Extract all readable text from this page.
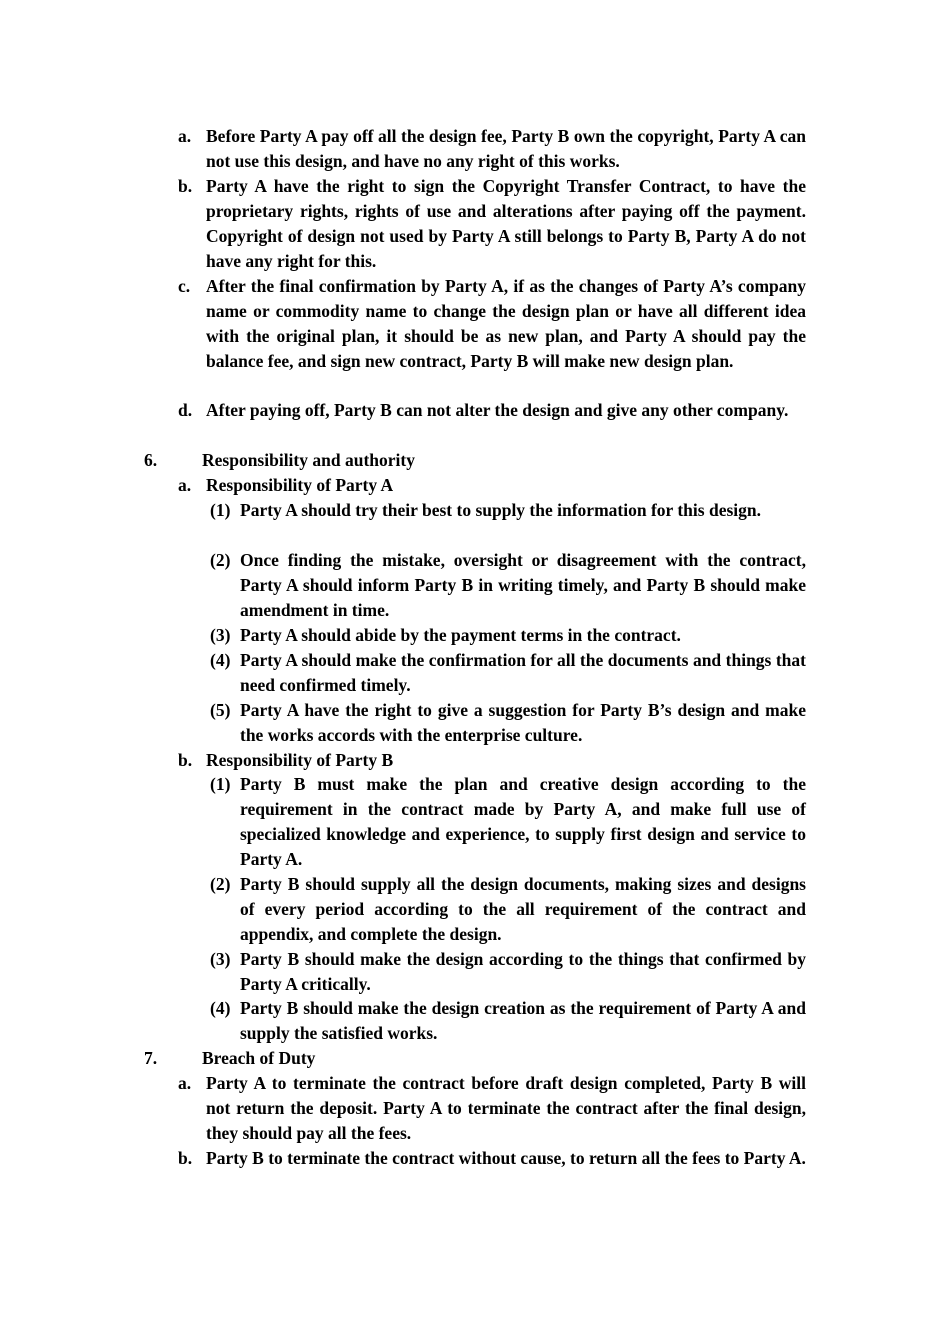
a. Before Party A pay off all the design fee, Party B own the copyright, Party A can not use this design, and have no any right of this works.
b. Party A have the right to sign the Copyright Transfer Contract, to have the proprietary rights, rights of use and alterations after paying off the payment. Copyright of design not used by Party A still belongs to Party B, Party A do not have any right for this.
c. After the final confirmation by Party A, if as the changes of Party A’s company name or commodity name to change the design plan or have all different idea with the original plan, it should be as new plan, and Party A should pay the balance fee, and sign new contract, Party B will make new design plan.
d. After paying off, Party B can not alter the design and give any other company.
6.	Responsibility and authority
a. Responsibility of Party A
(1) Party A should try their best to supply the information for this design.
(2) Once finding the mistake, oversight or disagreement with the contract, Party A should inform Party B in writing timely, and Party B should make amendment in time.
(3) Party A should abide by the payment terms in the contract.
(4) Party A should make the confirmation for all the documents and things that need confirmed timely.
(5) Party A have the right to give a suggestion for Party B’s design and make the works accords with the enterprise culture.
b. Responsibility of Party B
(1) Party B must make the plan and creative design according to the requirement in the contract made by Party A, and make full use of specialized knowledge and experience, to supply first design and service to Party A.
(2) Party B should supply all the design documents, making sizes and designs of every period according to the all requirement of the contract and appendix, and complete the design.
(3) Party B should make the design according to the things that confirmed by Party A critically.
(4) Party B should make the design creation as the requirement of Party A and supply the satisfied works.
7.	Breach of Duty
a. Party A to terminate the contract before draft design completed, Party B will not return the deposit. Party A to terminate the contract after the final design, they should pay all the fees.
b. Party B to terminate the contract without cause, to return all the fees to Party A.
